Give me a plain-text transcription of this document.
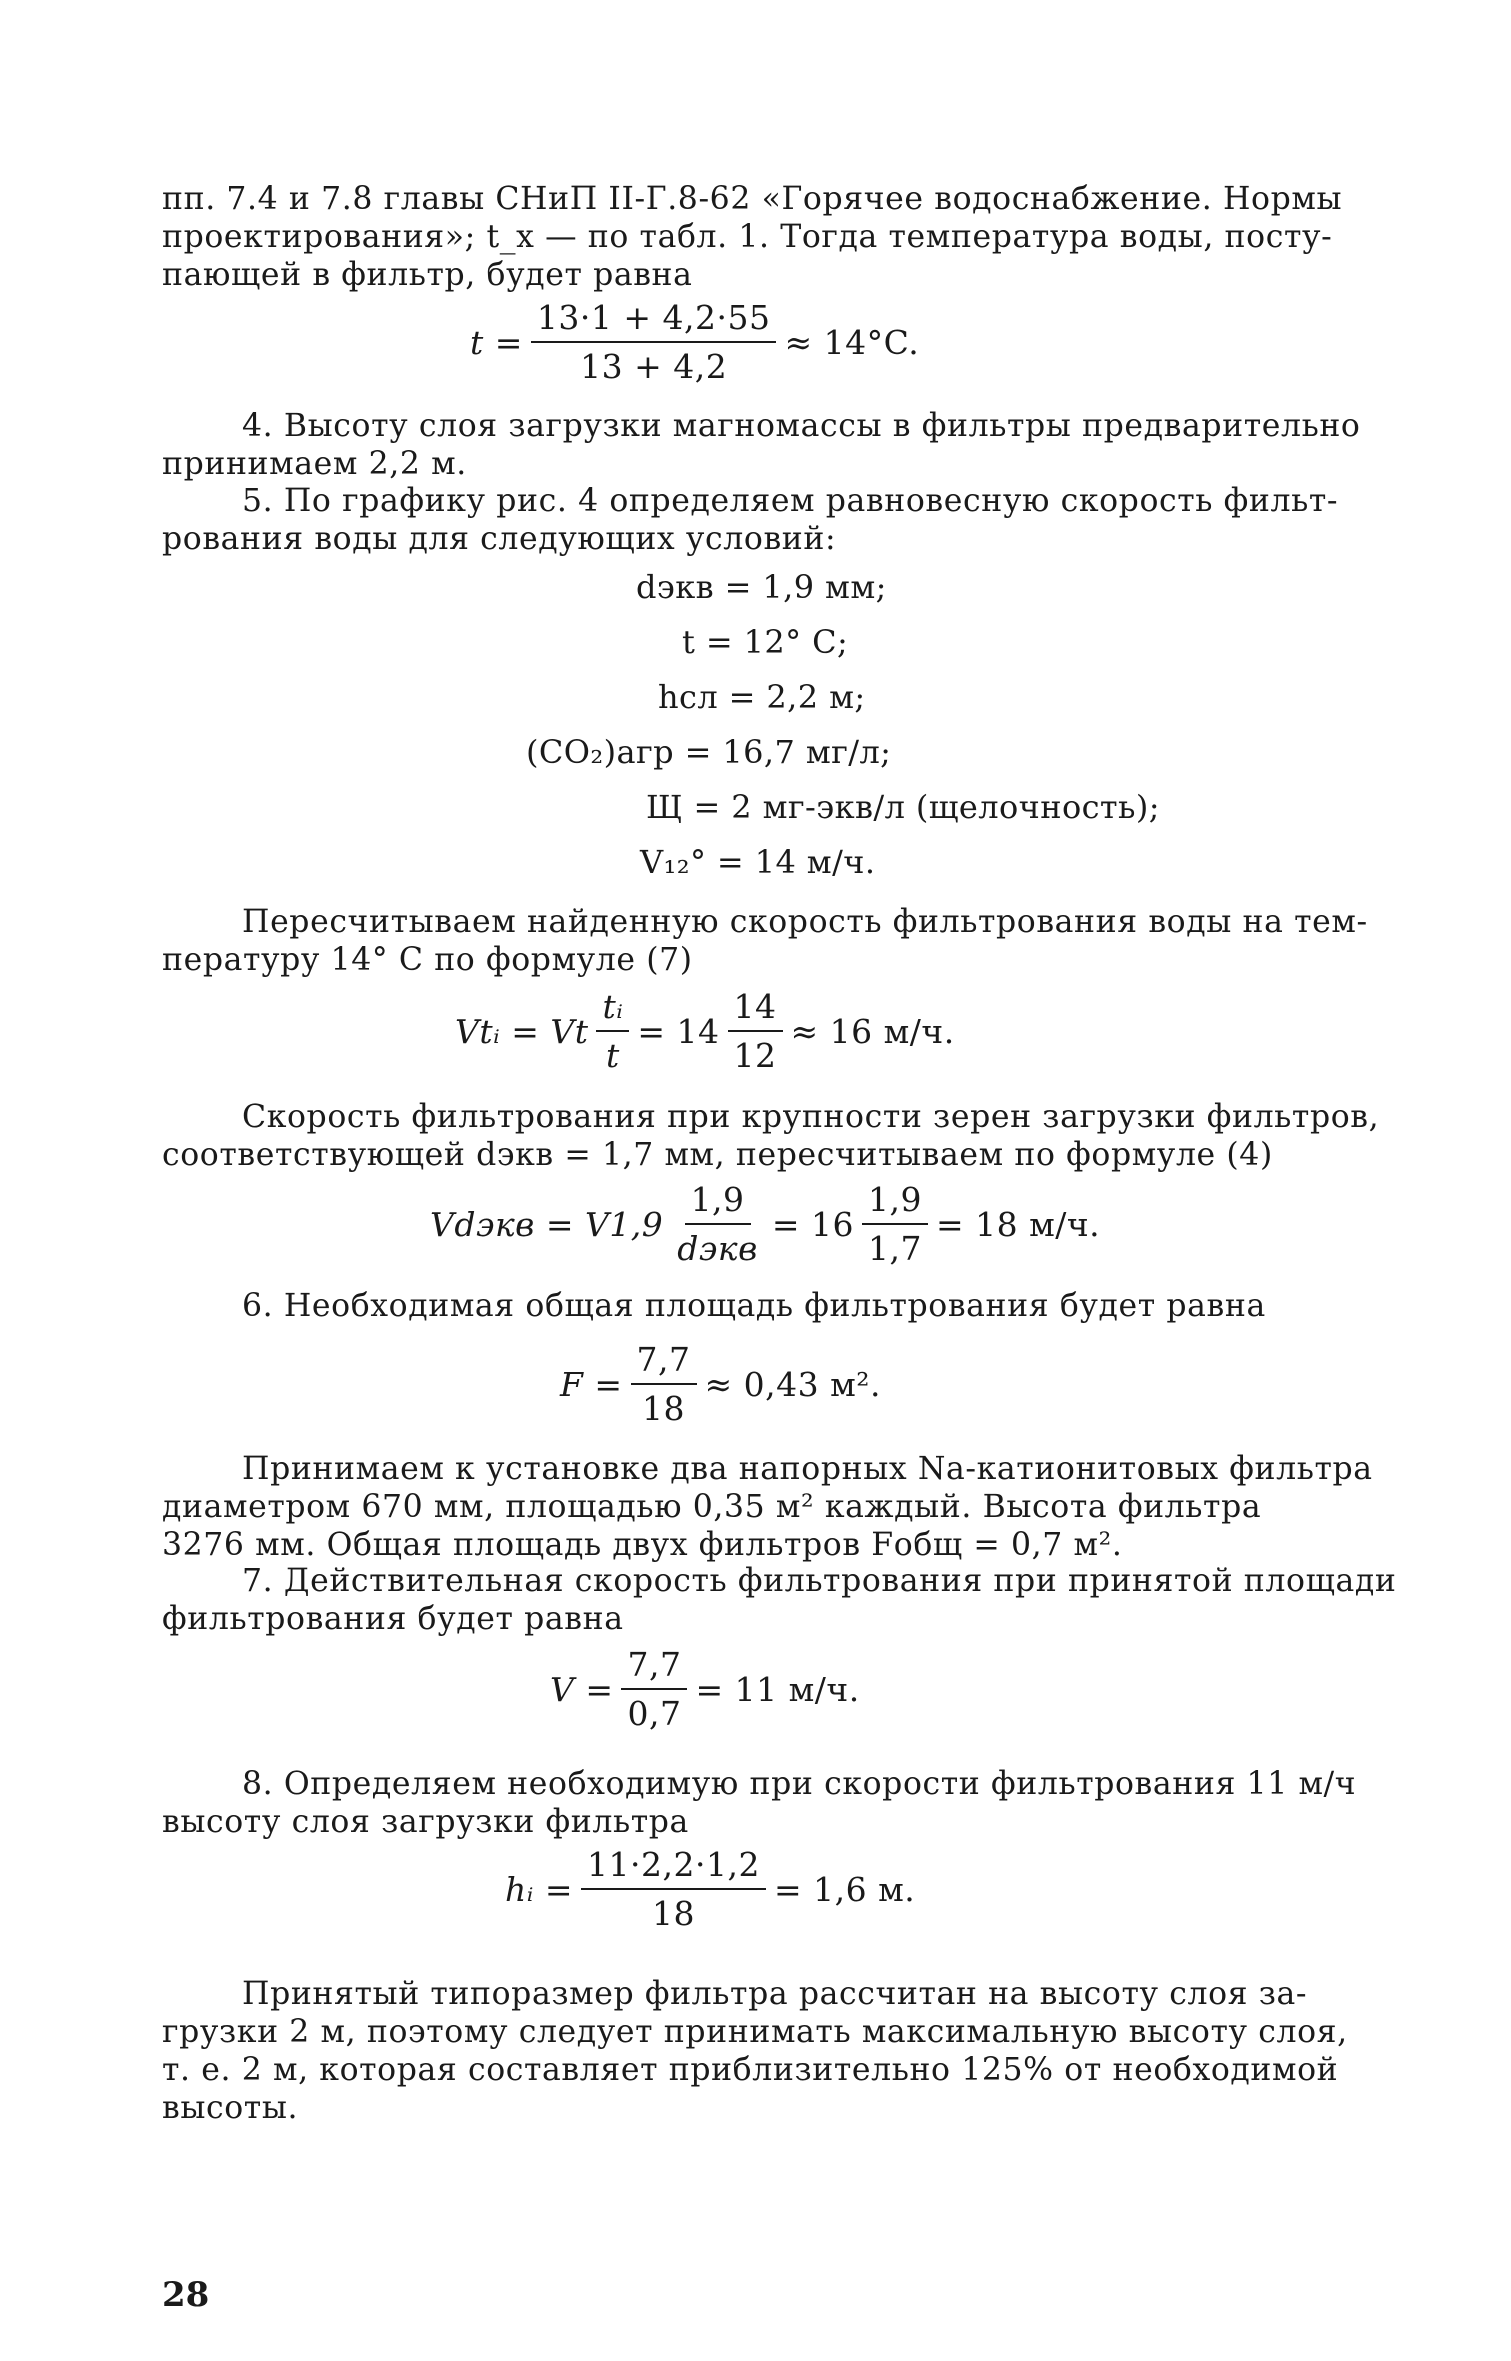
пп. 7.4 и 7.8 главы СНиП ІІ-Г.8-62 «Горячее водоснабжение. Нормы
проектирования»; t_x — по табл. 1. Тогда температура воды, посту-
пающей в фильтр, будет равна
$t = \frac{13\cdot 1 + 4,2\cdot 55}{13 + 4,2} \approx 14^\circ C$.
4. Высоту слоя загрузки магномассы в фильтры предварительно
принимаем 2,2 м.
5. По графику рис. 4 определяем равновесную скорость фильт-
рования воды для следующих условий:
dэкв = 1,9 мм;
t = 12° C;
hсл = 2,2 м;
(CO₂)агр = 16,7 мг/л;
Щ = 2 мг-экв/л (щелочность);
V₁₂° = 14 м/ч.
Пересчитываем найденную скорость фильтрования воды на тем-
пературу 14° C по формуле (7)
Vtᵢ = Vt $\frac{\text{tᵢ}}{t} = 14 \frac{14}{12} \approx 16$ м/ч.
Скорость фильтрования при крупности зерен загрузки фильтров,
соответствующей dэкв = 1,7 мм, пересчитываем по формуле (4)
Vdэкв = $V1,9 \frac{1,9}{\text{dэкв}} = 16 \frac{1,9}{1,7} = 18$ м/ч.
6. Необходимая общая площадь фильтрования будет равна
$F = \frac{7,7}{18} \approx 0,43$ м².
Принимаем к установке два напорных Na-катионитовых фильтра
диаметром 670 мм, площадью 0,35 м² каждый. Высота фильтра
3276 мм. Общая площадь двух фильтров Fобщ = 0,7 м².
7. Действительная скорость фильтрования при принятой площади
фильтрования будет равна
$V = \frac{7,7}{0,7} = 11$ м/ч.
8. Определяем необходимую при скорости фильтрования 11 м/ч
высоту слоя загрузки фильтра
hᵢ = $\frac{11\cdot 2,2\cdot 1,2}{18} = 1,6$ м.
Принятый типоразмер фильтра рассчитан на высоту слоя за-
грузки 2 м, поэтому следует принимать максимальную высоту слоя,
т. е. 2 м, которая составляет приблизительно 125% от необходимой
высоты.
28
